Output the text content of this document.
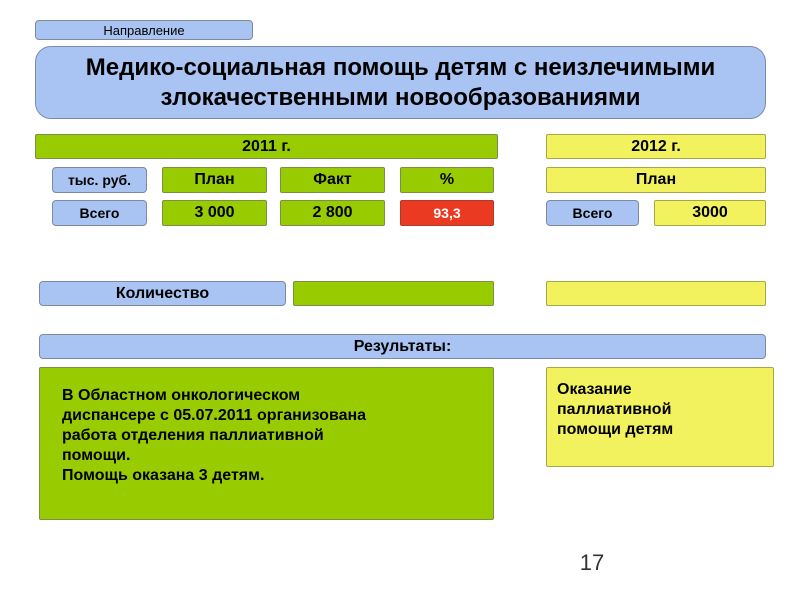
Направление
Медико-социальная помощь детям с неизлечимыми злокачественными новообразованиями
2011 г.
тыс. руб.	План	Факт	%
Всего	3 000	2 800	93,3
2012 г.
План
Всего	3000
Количество
Результаты:
В Областном онкологическом
диспансере с 05.07.2011 организована
работа отделения паллиативной
помощи.
Помощь оказана 3 детям.
Оказание
паллиативной
помощи детям
17
